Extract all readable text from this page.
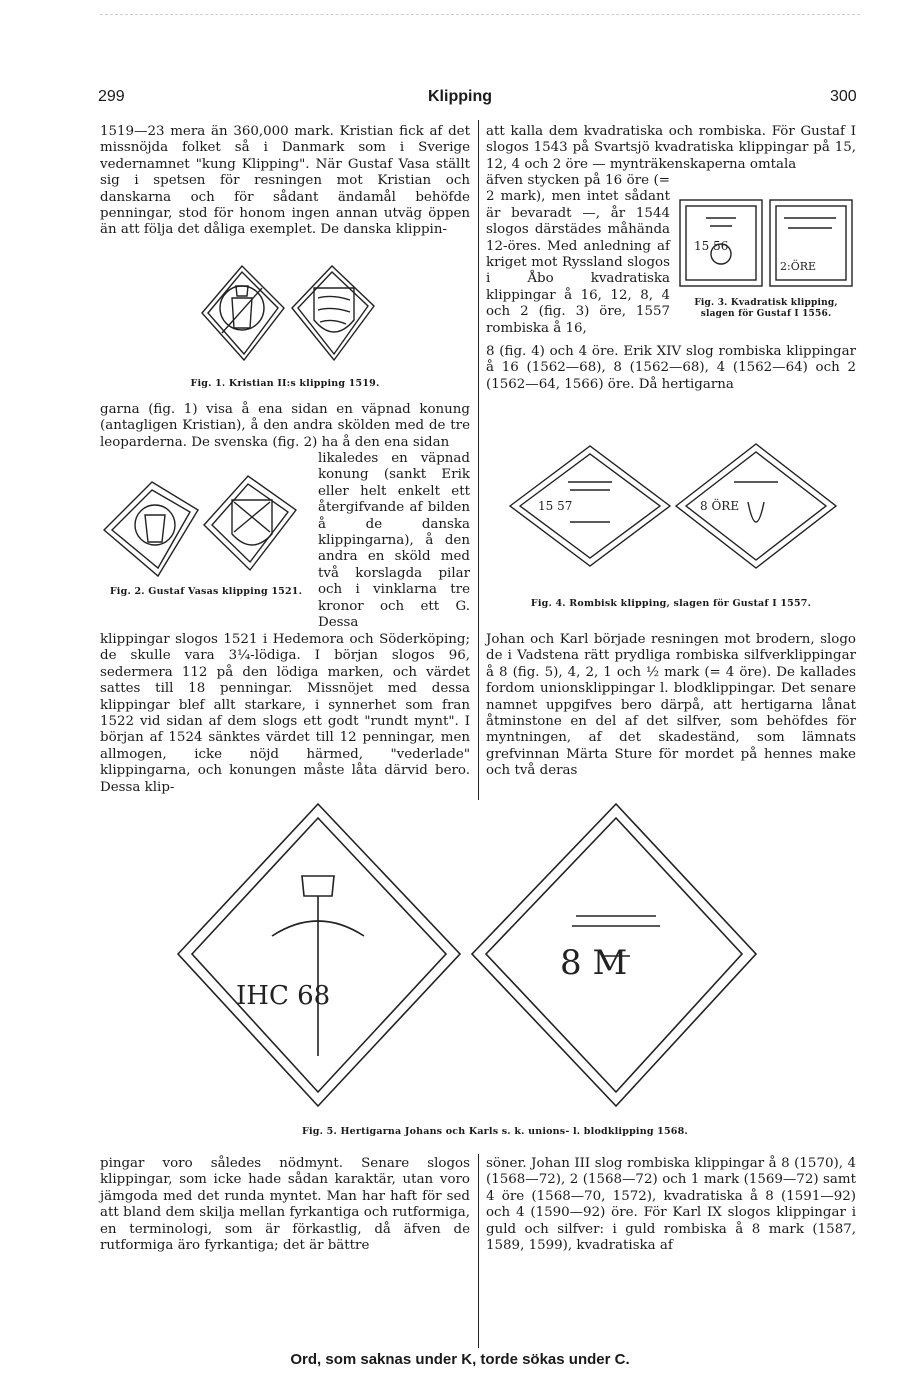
299	Klipping	300

1519—23 mera än 360,000 mark. Kristian fick af det missnöjda folket så i Danmark som i Sverige vedernamnet "kung Klipping". När Gustaf Vasa ställt sig i spetsen för resningen mot Kristian och danskarna och för sådant ändamål behöfde penningar, stod för honom ingen annan utväg öppen än att följa det dåliga exemplet. De danska klippin-

Fig. 1. Kristian II:s klipping 1519.

garna (fig. 1) visa å ena sidan en väpnad konung (antagligen Kristian), å den andra skölden med de tre leoparderna. De svenska (fig. 2) ha å den ena sidan

Fig. 2. Gustaf Vasas klipping 1521.

likaledes en väpnad konung (sankt Erik eller helt enkelt ett återgifvande af bilden å de danska klippingarna), å den andra en sköld med två korslagda pilar och i vinklarna tre kronor och ett G. Dessa

klippingar slogos 1521 i Hedemora och Söderköping; de skulle vara 3¼-lödiga. I början slogos 96, sedermera 112 på den lödiga marken, och värdet sattes till 18 penningar. Missnöjet med dessa klippingar blef allt starkare, i synnerhet som fran 1522 vid sidan af dem slogs ett godt "rundt mynt". I början af 1524 sänktes värdet till 12 penningar, men allmogen, icke nöjd härmed, "vederlade" klippingarna, och konungen måste låta därvid bero. Dessa klip-

att kalla dem kvadratiska och rombiska. För Gustaf I slogos 1543 på Svartsjö kvadratiska klippingar på 15, 12, 4 och 2 öre — mynträkenskaperna omtala

äfven stycken på 16 öre (= 2 mark), men intet sådant är bevaradt —, år 1544 slogos därstädes måhända 12-öres. Med anledning af kriget mot Ryssland slogos i Åbo kvadratiska klippingar å 16, 12, 8, 4 och 2 (fig. 3) öre, 1557 rombiska å 16,

15 56
2:ÖRE
Fig. 3. Kvadratisk klipping, slagen för Gustaf I 1556.

8 (fig. 4) och 4 öre. Erik XIV slog rombiska klippingar å 16 (1562—68), 8 (1562—68), 4 (1562—64) och 2 (1562—64, 1566) öre. Då hertigarna

15 57	8 ÖRE
Fig. 4. Rombisk klipping, slagen för Gustaf I 1557.

Johan och Karl började resningen mot brodern, slogo de i Vadstena rätt prydliga rombiska silfverklippingar å 8 (fig. 5), 4, 2, 1 och ½ mark (= 4 öre). De kallades fordom unionsklippingar l. blodklippingar. Det senare namnet uppgifves bero därpå, att hertigarna lånat åtminstone en del af det silfver, som behöfdes för myntningen, af det skadeständ, som lämnats grefvinnan Märta Sture för mordet på hennes make och två deras

IHC 68
8 M
Fig. 5. Hertigarna Johans och Karls s. k. unions- l. blodklipping 1568.

pingar voro således nödmynt. Senare slogos klippingar, som icke hade sådan karaktär, utan voro jämgoda med det runda myntet. Man har haft för sed att bland dem skilja mellan fyrkantiga och rutformiga, en terminologi, som är förkastlig, då äfven de rutformiga äro fyrkantiga; det är bättre

söner. Johan III slog rombiska klippingar å 8 (1570), 4 (1568—72), 2 (1568—72) och 1 mark (1569—72) samt 4 öre (1568—70, 1572), kvadratiska å 8 (1591—92) och 4 (1590—92) öre. För Karl IX slogos klippingar i guld och silfver: i guld rombiska å 8 mark (1587, 1589, 1599), kvadratiska af

Ord, som saknas under K, torde sökas under C.
